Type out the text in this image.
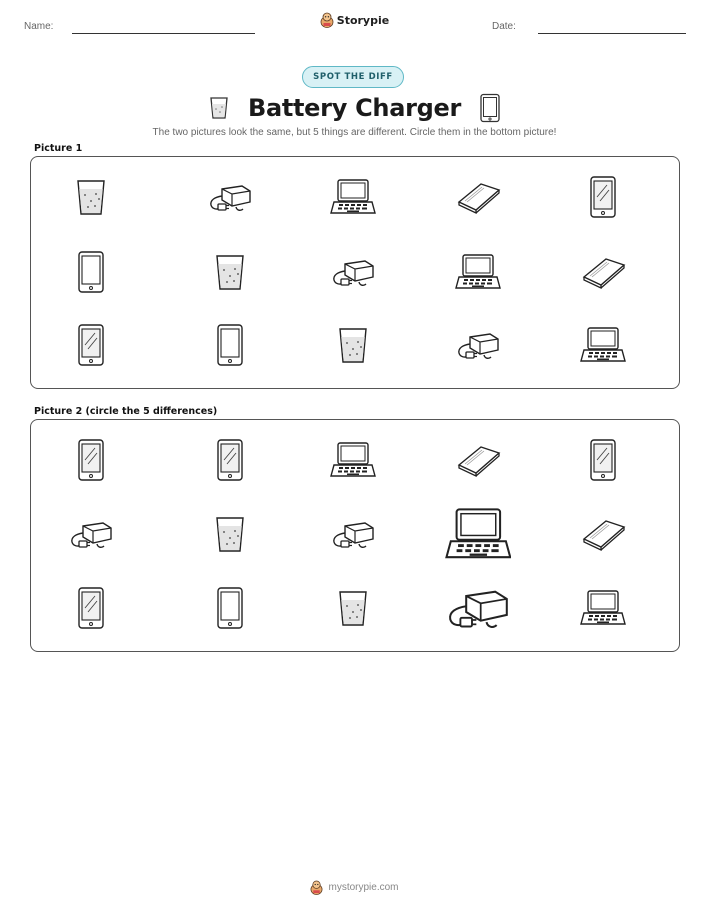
Name:	Storypie	Date:
SPOT THE DIFF
Battery Charger
The two pictures look the same, but 5 things are different. Circle them in the bottom picture!
Picture 1
Picture 2 (circle the 5 differences)
mystorypie.com
